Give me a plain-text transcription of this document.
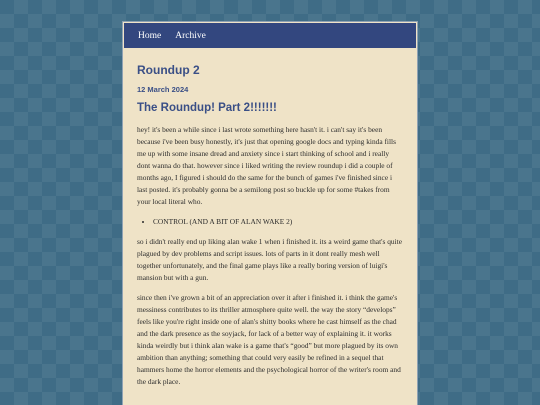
Home Archive
Roundup 2
12 March 2024
The Roundup! Part 2!!!!!!!

hey! it's been a while since i last wrote something here hasn't it. i can't say it's been because i've been busy honestly, it's just that opening google docs and typing kinda fills me up with some insane dread and anxiety since i start thinking of school and i really dont wanna do that. however since i liked writing the review roundup i did a couple of months ago, I figured i should do the same for the bunch of games i've finished since i last posted. it's probably gonna be a semilong post so buckle up for some #takes from your local literal who.

• CONTROL (AND A BIT OF ALAN WAKE 2)

so i didn't really end up liking alan wake 1 when i finished it. its a weird game that's quite plagued by dev problems and script issues. lots of parts in it dont really mesh well together unfortunately, and the final game plays like a really boring version of luigi's mansion but with a gun.

since then i've grown a bit of an appreciation over it after i finished it. i think the game's messiness contributes to its thriller atmosphere quite well. the way the story “develops” feels like you're right inside one of alan's shitty books where he cast himself as the chad and the dark presence as the soyjack, for lack of a better way of explaining it. it works kinda weirdly but i think alan wake is a game that's “good” but more plagued by its own ambition than anything; something that could very easily be refined in a sequel that hammers home the horror elements and the psychological horror of the writer's room and the dark place.
